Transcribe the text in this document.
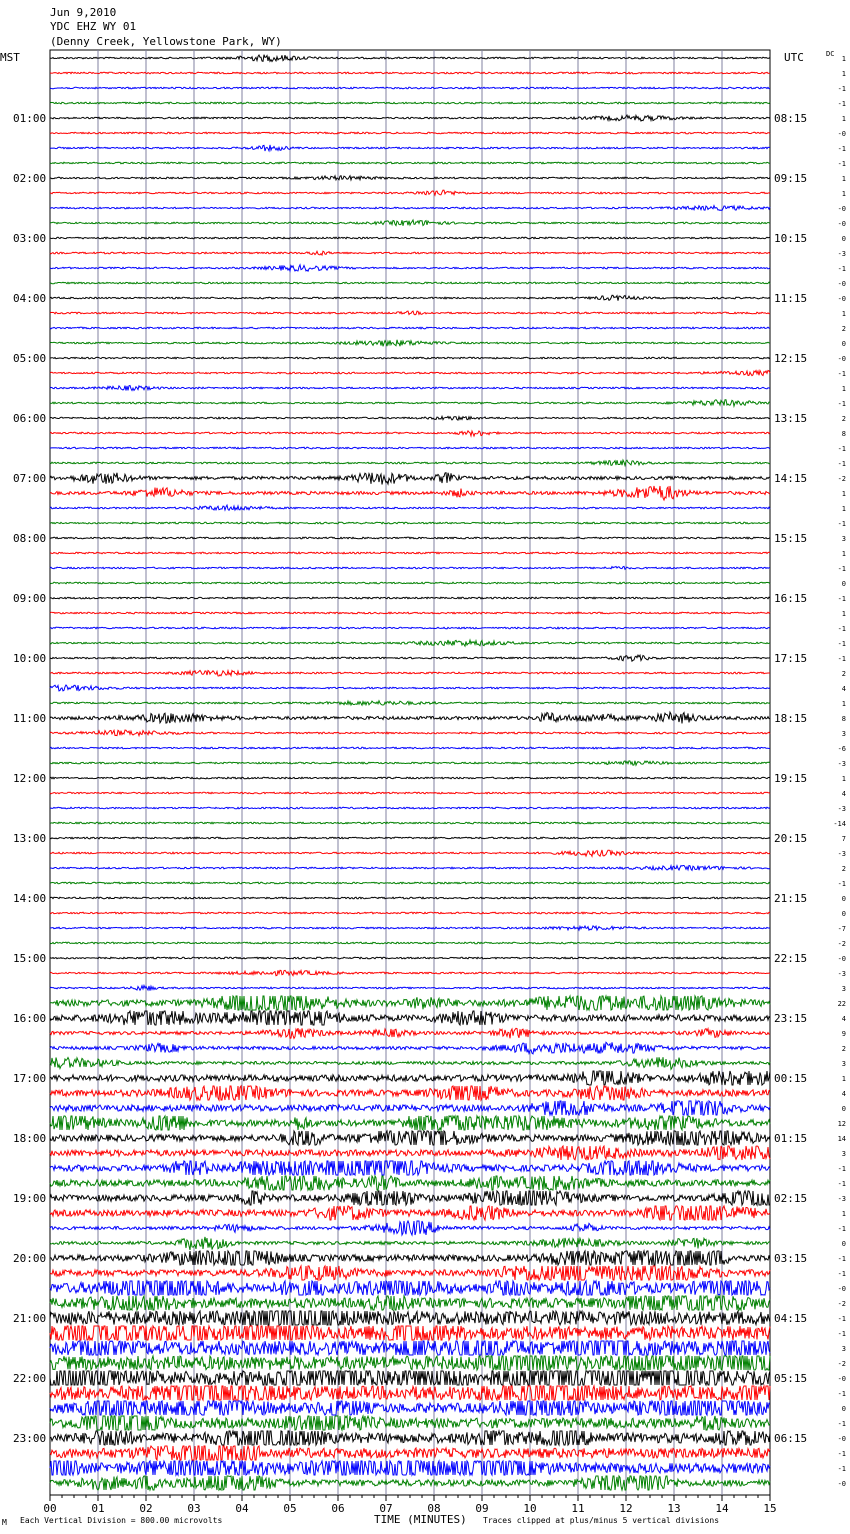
Jun 9,2010
YDC EHZ WY 01
(Denny Creek, Yellowstone Park, WY)
MST	UTC	DC
01:00
02:00
03:00
04:00
05:00
06:00
07:00
08:00
09:00
10:00
11:00
12:00
13:00
14:00
15:00
16:00
17:00
18:00
19:00
20:00
21:00
22:00
23:00
08:15
09:15
10:15
11:15
12:15
13:15
14:15
15:15
16:15
17:15
18:15
19:15
20:15
21:15
22:15
23:15
00:15
01:15
02:15
03:15
04:15
05:15
06:15
1
1
-1
-1
1
-0
-1
-1
1
1
-0
-0
0
-3
-1
-0
-0
1
2
0
-0
-1
1
-1
2
8
-1
-1
-2
1
1
-1
3
1
-1
0
-1
1
-1
-1
-1
2
4
1
8
3
-6
-3
1
4
-3
-14
7
-3
2
-1
0
0
-7
-2
-0
-3
3
22
4
9
2
3
1
4
0
12
14
3
-1
-1
-3
1
-1
0
-1
-1
-0
-2
-1
-1
3
-2
-0
-1
0
-1
-0
-1
-1
-0
00	01	02	03	04	05	06	07	08	09	10	11	12	13	14	15
M Each Vertical Division = 800.00 microvolts	TIME (MINUTES) Traces clipped at plus/minus 5 vertical divisions
